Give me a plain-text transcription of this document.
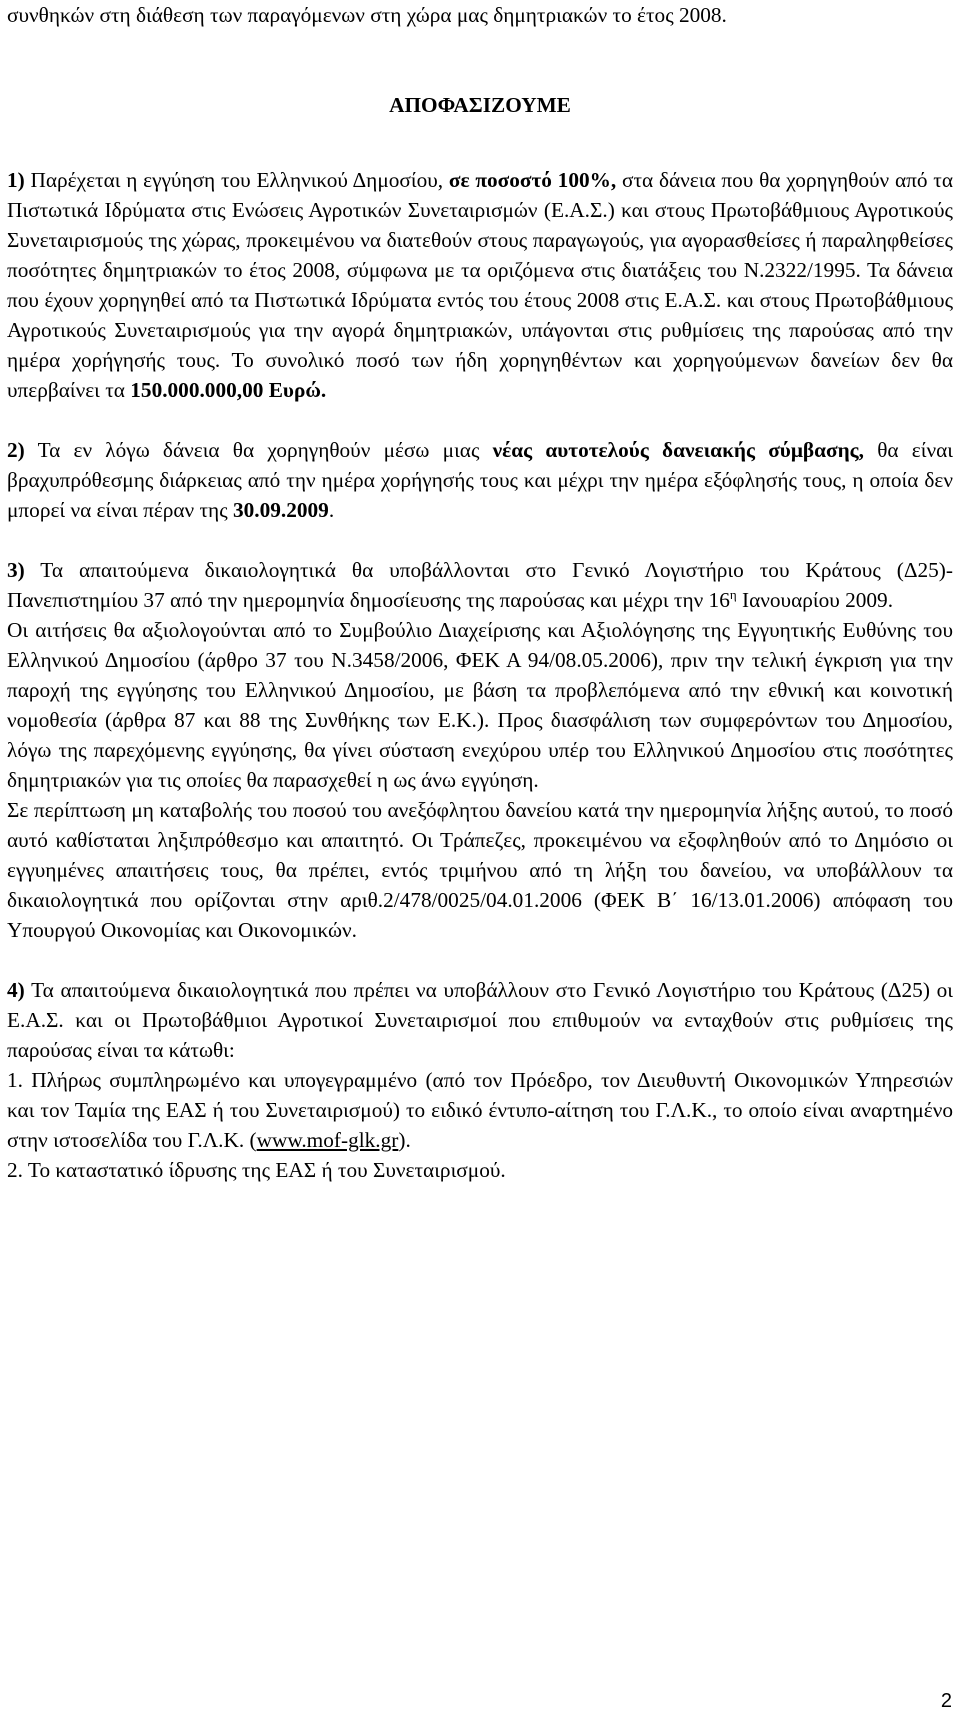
συνθηκών στη διάθεση των παραγόμενων στη χώρα μας δημητριακών το έτος 2008.

ΑΠΟΦΑΣΙΖΟΥΜΕ

1) Παρέχεται η εγγύηση του Ελληνικού Δημοσίου, σε ποσοστό 100%, στα δάνεια που θα χορηγηθούν από τα Πιστωτικά Ιδρύματα στις Ενώσεις Αγροτικών Συνεταιρισμών (Ε.Α.Σ.) και στους Πρωτοβάθμιους Αγροτικούς Συνεταιρισμούς της χώρας, προκειμένου να διατεθούν στους παραγωγούς, για αγορασθείσες ή παραληφθείσες ποσότητες δημητριακών το έτος 2008, σύμφωνα με τα οριζόμενα στις διατάξεις του Ν.2322/1995. Τα δάνεια που έχουν χορηγηθεί από τα Πιστωτικά Ιδρύματα εντός του έτους 2008 στις Ε.Α.Σ. και στους Πρωτοβάθμιους Αγροτικούς Συνεταιρισμούς για την αγορά δημητριακών, υπάγονται στις ρυθμίσεις της παρούσας από την ημέρα χορήγησής τους. Το συνολικό ποσό των ήδη χορηγηθέντων και χορηγούμενων δανείων δεν θα υπερβαίνει τα 150.000.000,00 Ευρώ.

2) Τα εν λόγω δάνεια θα χορηγηθούν μέσω μιας νέας αυτοτελούς δανειακής σύμβασης, θα είναι βραχυπρόθεσμης διάρκειας από την ημέρα χορήγησής τους και μέχρι την ημέρα εξόφλησής τους, η οποία δεν μπορεί να είναι πέραν της 30.09.2009.

3) Τα απαιτούμενα δικαιολογητικά θα υποβάλλονται στο Γενικό Λογιστήριο του Κράτους (Δ25)-Πανεπιστημίου 37 από την ημερομηνία δημοσίευσης της παρούσας και μέχρι την $16^\eta$ Ιανουαρίου 2009.

Οι αιτήσεις θα αξιολογούνται από το Συμβούλιο Διαχείρισης και Αξιολόγησης της Εγγυητικής Ευθύνης του Ελληνικού Δημοσίου (άρθρο 37 του Ν.3458/2006, ΦΕΚ Α 94/08.05.2006), πριν την τελική έγκριση για την παροχή της εγγύησης του Ελληνικού Δημοσίου, με βάση τα προβλεπόμενα από την εθνική και κοινοτική νομοθεσία (άρθρα 87 και 88 της Συνθήκης των Ε.Κ.). Προς διασφάλιση των συμφερόντων του Δημοσίου, λόγω της παρεχόμενης εγγύησης, θα γίνει σύσταση ενεχύρου υπέρ του Ελληνικού Δημοσίου στις ποσότητες δημητριακών για τις οποίες θα παρασχεθεί η ως άνω εγγύηση.

Σε περίπτωση μη καταβολής του ποσού του ανεξόφλητου δανείου κατά την ημερομηνία λήξης αυτού, το ποσό αυτό καθίσταται ληξιπρόθεσμο και απαιτητό. Οι Τράπεζες, προκειμένου να εξοφληθούν από το Δημόσιο οι εγγυημένες απαιτήσεις τους, θα πρέπει, εντός τριμήνου από τη λήξη του δανείου, να υποβάλλουν τα δικαιολογητικά που ορίζονται στην αριθ.2/478/0025/04.01.2006 (ΦΕΚ Β΄ 16/13.01.2006) απόφαση του Υπουργού Οικονομίας και Οικονομικών.

4) Τα απαιτούμενα δικαιολογητικά που πρέπει να υποβάλλουν στο Γενικό Λογιστήριο του Κράτους (Δ25) οι Ε.Α.Σ. και οι Πρωτοβάθμιοι Αγροτικοί Συνεταιρισμοί που επιθυμούν να ενταχθούν στις ρυθμίσεις της παρούσας είναι τα κάτωθι:

1. Πλήρως συμπληρωμένο και υπογεγραμμένο (από τον Πρόεδρο, τον Διευθυντή Οικονομικών Υπηρεσιών και τον Ταμία της ΕΑΣ ή του Συνεταιρισμού) το ειδικό έντυπο-αίτηση του Γ.Λ.Κ., το οποίο είναι αναρτημένο στην ιστοσελίδα του Γ.Λ.Κ. (www.mof-glk.gr).

2. Το καταστατικό ίδρυσης της ΕΑΣ ή του Συνεταιρισμού.

2
